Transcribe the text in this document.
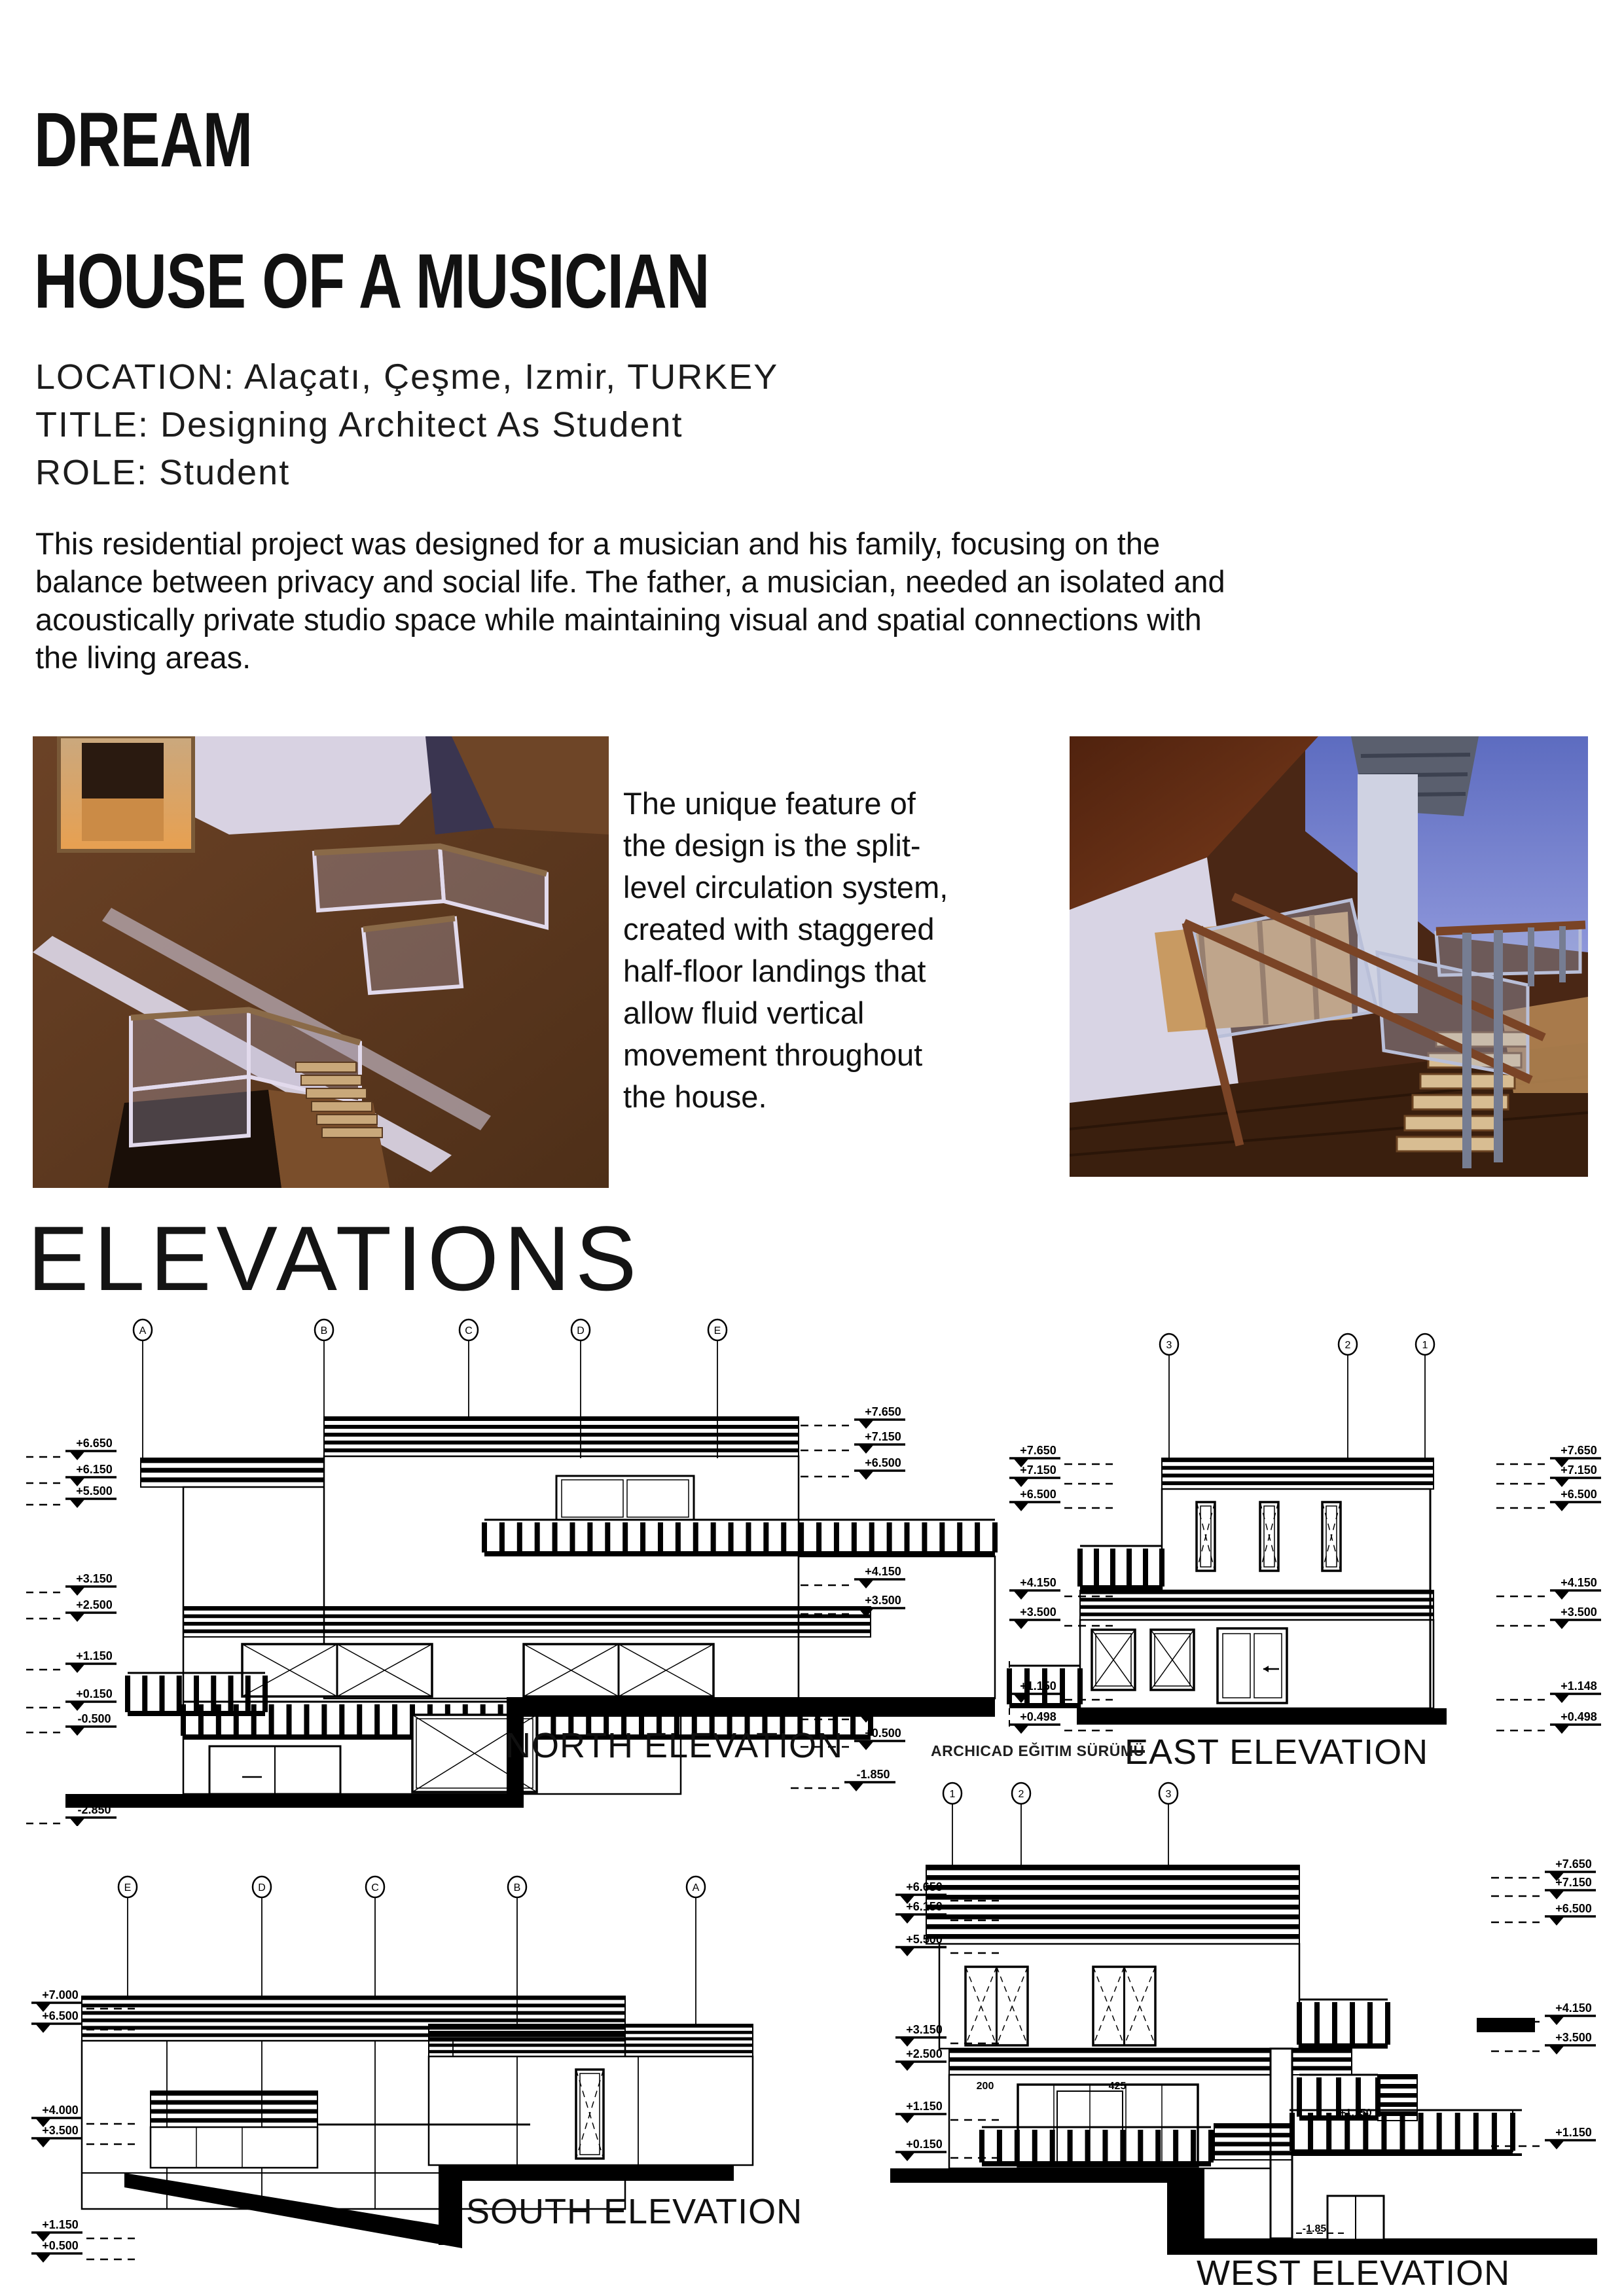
DREAM
HOUSE OF A MUSICIAN
LOCATION: Alaçatı, Çeşme, Izmir, TURKEY
TITLE: Designing Architect As Student
ROLE: Student
This residential project was designed for a musician and his family, focusing on the
balance between privacy and social life. The father, a musician, needed an isolated and
acoustically private studio space while maintaining visual and spatial connections with
the living areas.
The unique feature of
the design is the split-
level circulation system,
created with staggered
half-floor landings that
allow fluid vertical
movement throughout
the house.
ELEVATIONS
A	B	C	D	E
+6.650
+6.150
+5.500
+3.150
+2.500
+1.150
+0.150
-0.500
-2.850
+7.650
+7.150
+6.500
+4.150
+3.500
+1.150
+0.500
-1.850
3	2	1
+7.650
+7.150
+6.500
+4.150
+3.500
+1.150
+0.498
+7.650
+7.150
+6.500
+4.150
+3.500
+1.148
+0.498
E	D	C	B	A
+7.000
+6.500
+4.000
+3.500
+1.150
+0.500
1	2	3
+6.650
+6.150
+5.500
+3.150
+2.500
+1.150
+0.150
+7.650
+7.150
+6.500
+4.150
+3.500
+1.150
200	425
+1.150
-1.85
NORTH ELEVATION	EAST ELEVATION
ARCHICAD EĞITIM SÜRÜMÜ
SOUTH ELEVATION
WEST ELEVATION
